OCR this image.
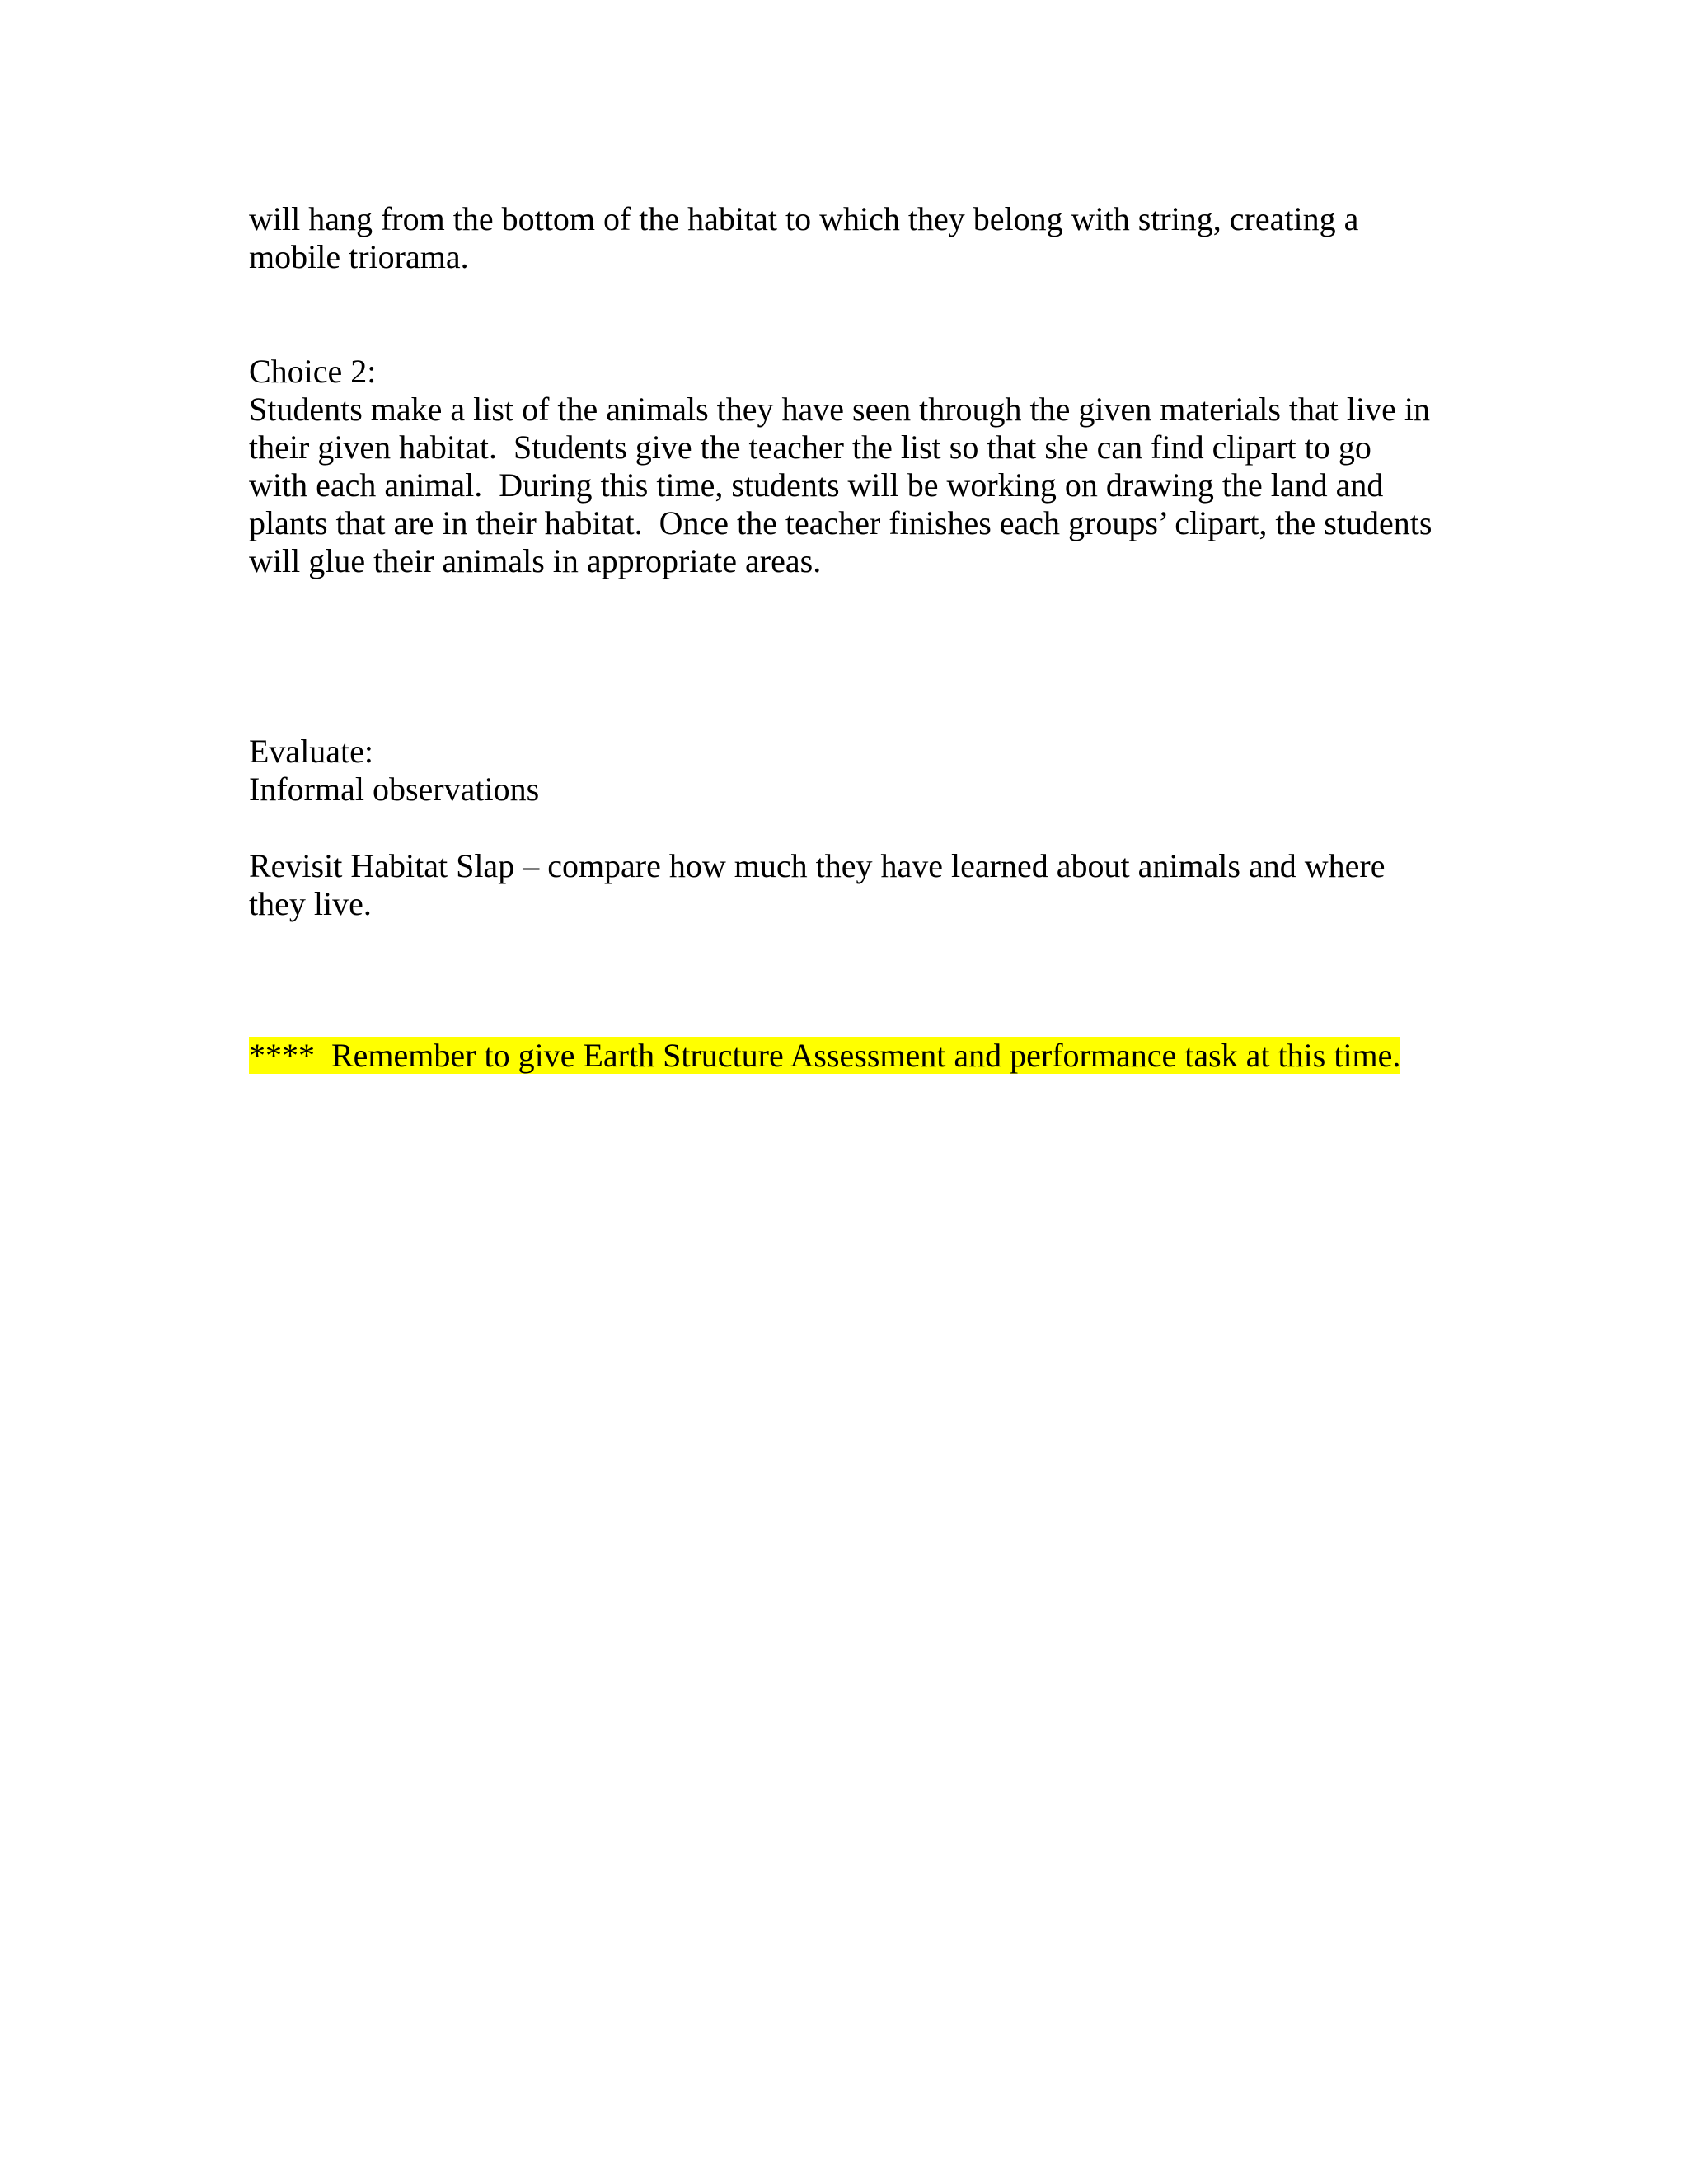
will hang from the bottom of the habitat to which they belong with string, creating a
mobile triorama.

Choice 2:

Students make a list of the animals they have seen through the given materials that live in
their given habitat.  Students give the teacher the list so that she can find clipart to go
with each animal.  During this time, students will be working on drawing the land and
plants that are in their habitat.  Once the teacher finishes each groups’ clipart, the students
will glue their animals in appropriate areas.

Evaluate:

Informal observations

Revisit Habitat Slap – compare how much they have learned about animals and where
they live.

****  Remember to give Earth Structure Assessment and performance task at this time.
